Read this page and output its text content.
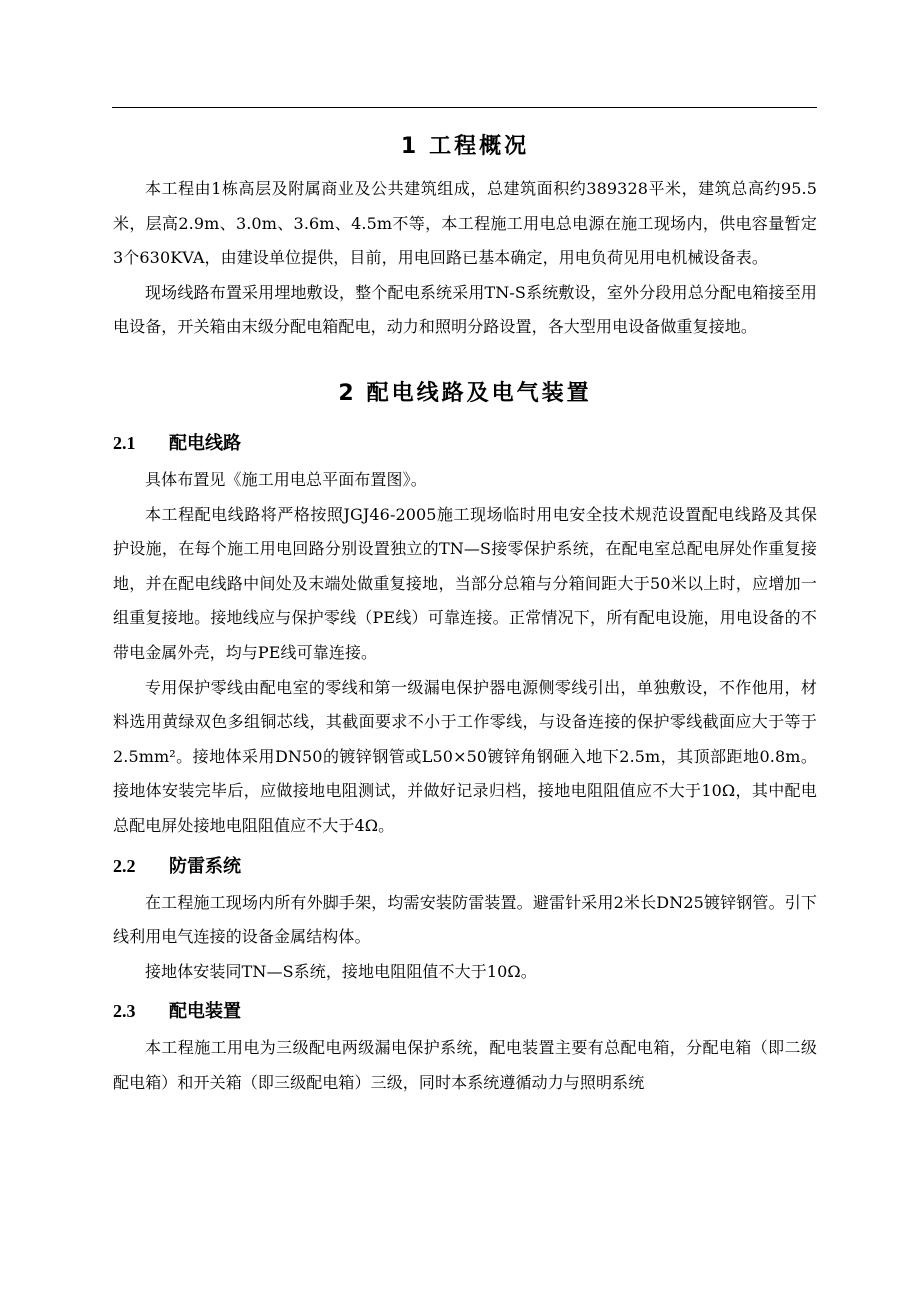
1 工程概况

本工程由1栋高层及附属商业及公共建筑组成，总建筑面积约389328平米，建筑总高约95.5米，层高2.9m、3.0m、3.6m、4.5m不等，本工程施工用电总电源在施工现场内，供电容量暂定3个630KVA，由建设单位提供，目前，用电回路已基本确定，用电负荷见用电机械设备表。

现场线路布置采用埋地敷设，整个配电系统采用TN-S系统敷设，室外分段用总分配电箱接至用电设备，开关箱由末级分配电箱配电，动力和照明分路设置，各大型用电设备做重复接地。

2 配电线路及电气装置
2.1 配电线路

具体布置见《施工用电总平面布置图》。

本工程配电线路将严格按照JGJ46-2005施工现场临时用电安全技术规范设置配电线路及其保护设施，在每个施工用电回路分别设置独立的TN—S接零保护系统，在配电室总配电屏处作重复接地，并在配电线路中间处及末端处做重复接地，当部分总箱与分箱间距大于50米以上时，应增加一组重复接地。接地线应与保护零线（PE线）可靠连接。正常情况下，所有配电设施，用电设备的不带电金属外壳，均与PE线可靠连接。

专用保护零线由配电室的零线和第一级漏电保护器电源侧零线引出，单独敷设，不作他用，材料选用黄绿双色多组铜芯线，其截面要求不小于工作零线，与设备连接的保护零线截面应大于等于2.5mm²。接地体采用DN50的镀锌钢管或L50×50镀锌角钢砸入地下2.5m，其顶部距地0.8m。接地体安装完毕后，应做接地电阻测试，并做好记录归档，接地电阻阻值应不大于10Ω，其中配电总配电屏处接地电阻阻值应不大于4Ω。

2.2 防雷系统

在工程施工现场内所有外脚手架，均需安装防雷装置。避雷针采用2米长DN25镀锌钢管。引下线利用电气连接的设备金属结构体。

接地体安装同TN—S系统，接地电阻阻值不大于10Ω。

2.3 配电装置

本工程施工用电为三级配电两级漏电保护系统，配电装置主要有总配电箱，分配电箱（即二级配电箱）和开关箱（即三级配电箱）三级，同时本系统遵循动力与照明系统
